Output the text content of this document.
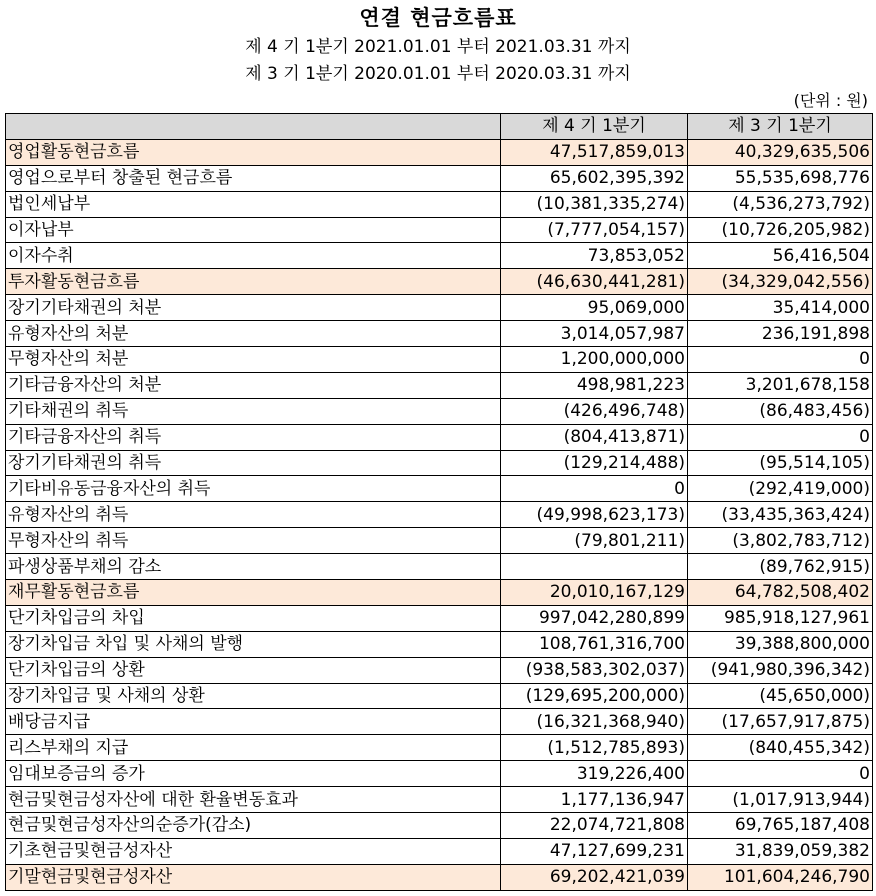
연결 현금흐름표
제 4 기 1분기 2021.01.01 부터 2021.03.31 까지
제 3 기 1분기 2020.01.01 부터 2020.03.31 까지
(단위 : 원)
	제 4 기 1분기	제 3 기 1분기
영업활동현금흐름	47,517,859,013	40,329,635,506
영업으로부터 창출된 현금흐름	65,602,395,392	55,535,698,776
법인세납부	(10,381,335,274)	(4,536,273,792)
이자납부	(7,777,054,157)	(10,726,205,982)
이자수취	73,853,052	56,416,504
투자활동현금흐름	(46,630,441,281)	(34,329,042,556)
장기기타채권의 처분	95,069,000	35,414,000
유형자산의 처분	3,014,057,987	236,191,898
무형자산의 처분	1,200,000,000	0
기타금융자산의 처분	498,981,223	3,201,678,158
기타채권의 취득	(426,496,748)	(86,483,456)
기타금융자산의 취득	(804,413,871)	0
장기기타채권의 취득	(129,214,488)	(95,514,105)
기타비유동금융자산의 취득	0	(292,419,000)
유형자산의 취득	(49,998,623,173)	(33,435,363,424)
무형자산의 취득	(79,801,211)	(3,802,783,712)
파생상품부채의 감소		(89,762,915)
재무활동현금흐름	20,010,167,129	64,782,508,402
단기차입금의 차입	997,042,280,899	985,918,127,961
장기차입금 차입 및 사채의 발행	108,761,316,700	39,388,800,000
단기차입금의 상환	(938,583,302,037)	(941,980,396,342)
장기차입금 및 사채의 상환	(129,695,200,000)	(45,650,000)
배당금지급	(16,321,368,940)	(17,657,917,875)
리스부채의 지급	(1,512,785,893)	(840,455,342)
임대보증금의 증가	319,226,400	0
현금및현금성자산에 대한 환율변동효과	1,177,136,947	(1,017,913,944)
현금및현금성자산의순증가(감소)	22,074,721,808	69,765,187,408
기초현금및현금성자산	47,127,699,231	31,839,059,382
기말현금및현금성자산	69,202,421,039	101,604,246,790
